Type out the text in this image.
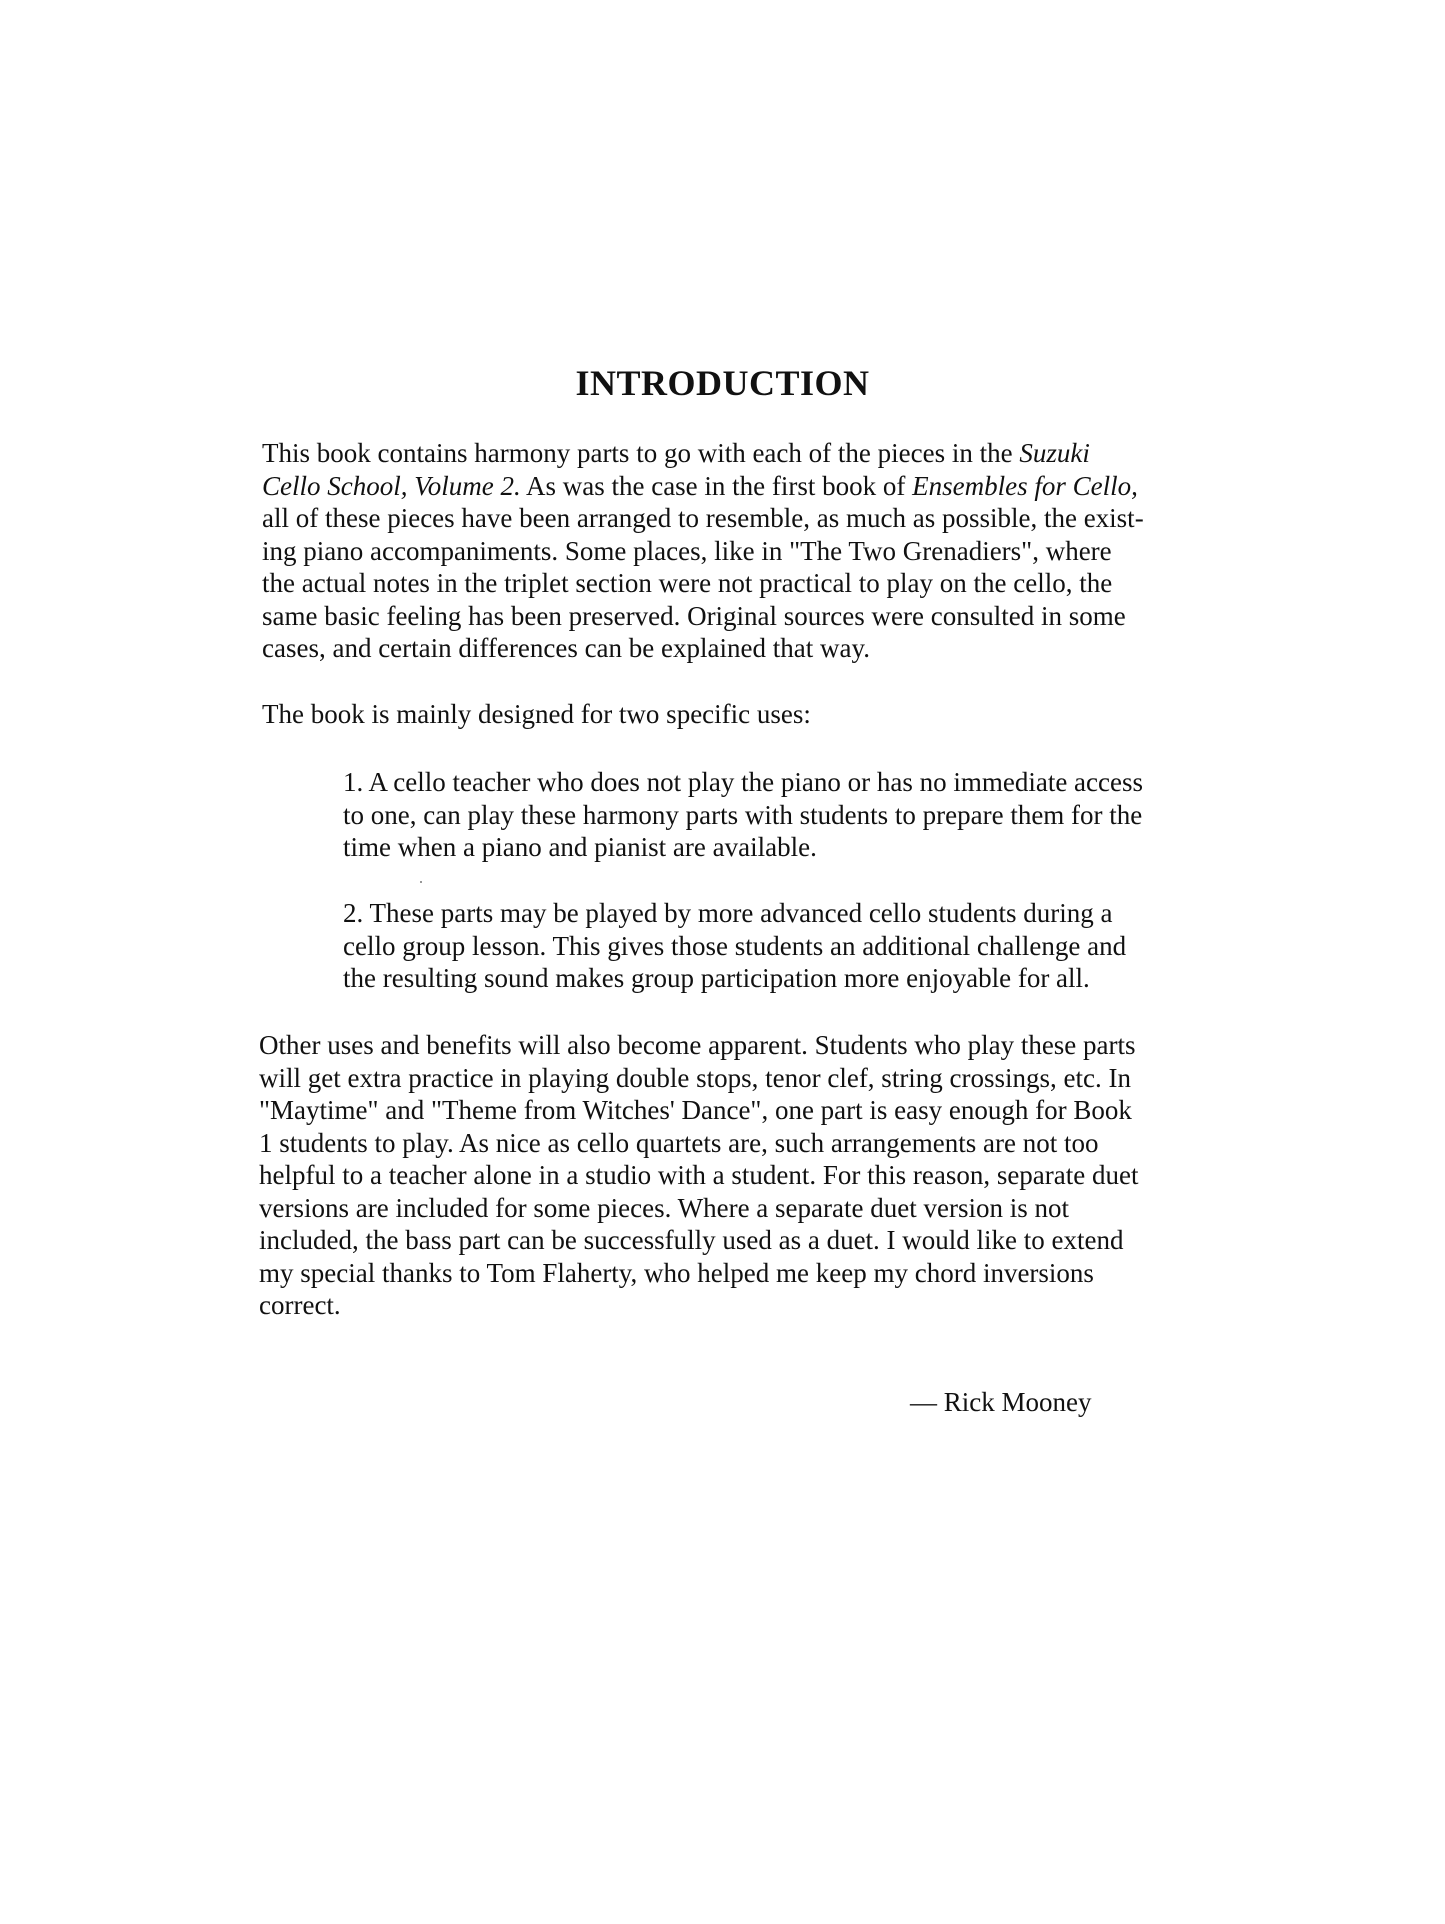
INTRODUCTION

This book contains harmony parts to go with each of the pieces in the Suzuki
Cello School, Volume 2. As was the case in the first book of Ensembles for Cello,
all of these pieces have been arranged to resemble, as much as possible, the exist-
ing piano accompaniments. Some places, like in "The Two Grenadiers", where
the actual notes in the triplet section were not practical to play on the cello, the
same basic feeling has been preserved. Original sources were consulted in some
cases, and certain differences can be explained that way.

The book is mainly designed for two specific uses:

1. A cello teacher who does not play the piano or has no immediate access
to one, can play these harmony parts with students to prepare them for the
time when a piano and pianist are available.
2. These parts may be played by more advanced cello students during a
cello group lesson. This gives those students an additional challenge and
the resulting sound makes group participation more enjoyable for all.

Other uses and benefits will also become apparent. Students who play these parts
will get extra practice in playing double stops, tenor clef, string crossings, etc. In
"Maytime" and "Theme from Witches' Dance", one part is easy enough for Book
1 students to play. As nice as cello quartets are, such arrangements are not too
helpful to a teacher alone in a studio with a student. For this reason, separate duet
versions are included for some pieces. Where a separate duet version is not
included, the bass part can be successfully used as a duet. I would like to extend
my special thanks to Tom Flaherty, who helped me keep my chord inversions
correct.

— Rick Mooney
